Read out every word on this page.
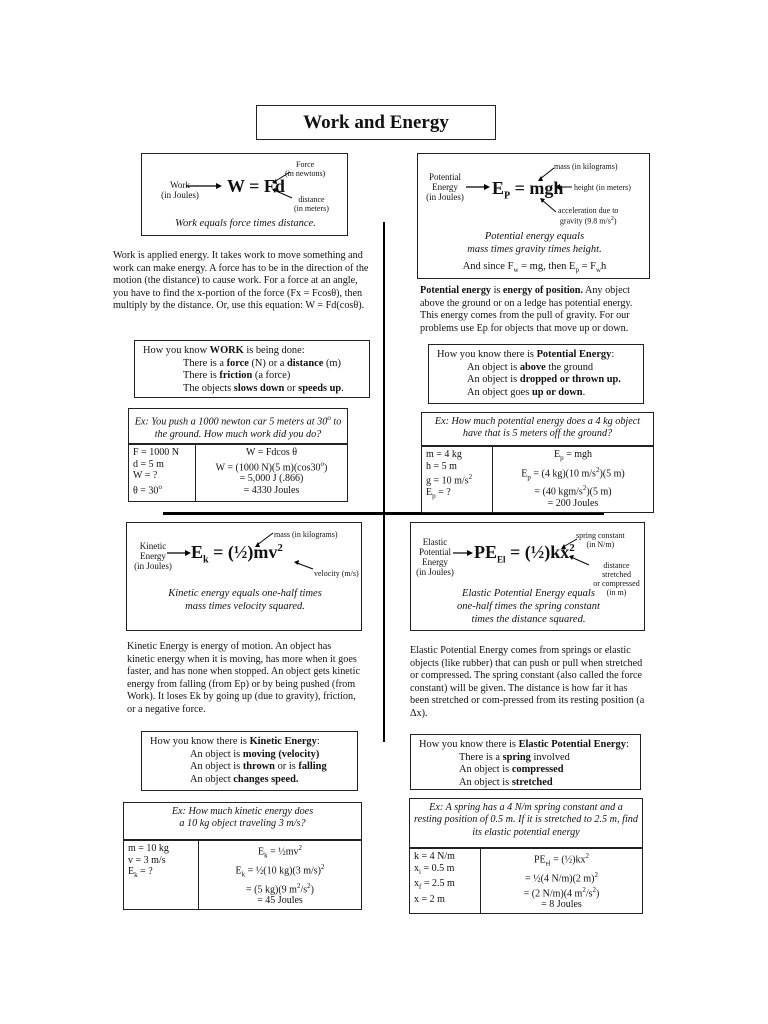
Work and Energy
Work
(in Joules) W = Fd
Force
(in newtons)
distance
(in meters)
Work equals force times distance.
Work is applied energy. It takes work to move something and work can make energy. A force has to be in the direction of the motion (the distance) to cause work. For a force at an angle, you have to find the x-portion of the force (Fx = Fcosθ), then multiply by the distance. Or, use this equation: W = Fd(cosθ).
How you know WORK is being done:
There is a force (N) or a distance (m)
There is friction (a force)
The objects slows down or speeds up.
Ex: You push a 1000 newton car 5 meters at 30$^o$ to the ground. How much work did you do?
F = 1000 N
d = 5 m
W = ?
$\theta = 30^o$

W = Fdcos θ
W = (1000 N)(5 $m)(\cos 30^o)$
= 5,000 J (.866)
= 4330 Joules
Potential
Energy
(in Joules) $E_P$ = mgh
mass (in kilograms)
height (in meters)
acceleration due to
gravity (9.8 $m/s^2$)
Potential energy equals
mass times gravity times height.
And since $F_w$ = mg, then $E_p = F_wh$
Potential energy is energy of position. Any object above the ground or on a ledge has potential energy. This energy comes from the pull of gravity. For our problems use Ep for objects that move up or down.
How you know there is Potential Energy:
An object is above the ground
An object is dropped or thrown up.
An object goes up or down.
Ex: How much potential energy does a 4 kg object have that is 5 meters off the ground?
m = 4 kg
h = 5 m
g = 10 $m/s^2$
$E_p$ = ?

$E_p$ = mgh
$E_p = (4$ kg)(10 $m/s^2)(5$ m)
= (40 kgm/$s^2)(5$ m)
= 200 Joules
Kinetic
Energy
(in Joules)
$E_k$ = $(\frac{1}{2})mv^2$
mass (in kilograms)
velocity (m/s)
Kinetic energy equals one-half times
mass times velocity squared.
Kinetic Energy is energy of motion. An object has kinetic energy when it is moving, has more when it goes faster, and has none when stopped. An object gets kinetic energy from falling (from Ep) or by being pushed (from Work). It loses Ek by going up (due to gravity), friction, or a negative force.
How you know there is Kinetic Energy:
An object is moving (velocity)
An object is thrown or is falling
An object changes speed.
Ex: How much kinetic energy does
a 10 kg object traveling 3 m/s?
m = 10 kg
v = 3 m/s
$E_k$ = ?

$E_k$ = $\frac{1}{2}mv^2$
$E_k$ = ½(10 kg)(3 m/s)$^2$
= (5 kg)(9 $m^2/s^2$)
= 45 Joules
Elastic
Potential
Energy
(in Joules)
$PE_{El}$ = $(\frac{1}{2})kx^2$
spring constant
(in N/m)
distance stretched
or compressed
(in m)
Elastic Potential Energy equals
one-half times the spring constant
times the distance squared.
Elastic Potential Energy comes from springs or elastic objects (like rubber) that can push or pull when stretched or compressed. The spring constant (also called the force constant) will be given. The distance is how far it has been stretched or com-pressed from its resting position (a Δx).
How you know there is Elastic Potential Energy:
There is a spring involved
An object is compressed
An object is stretched
Ex: A spring has a 4 N/m spring constant and a resting position of 0.5 m. If it is stretched to 2.5 m, find its elastic potential energy
k = 4 N/m
$x_i = 0.5$ m
$x_f = 2.5$ m
x = 2 m

$PE_{el}$ = $(\frac{1}{2})kx^2$
= ½(4 N/m)(2 m)$^2$
= (2 N/m)(4 $m^2/s^2$)
= 8 Joules
